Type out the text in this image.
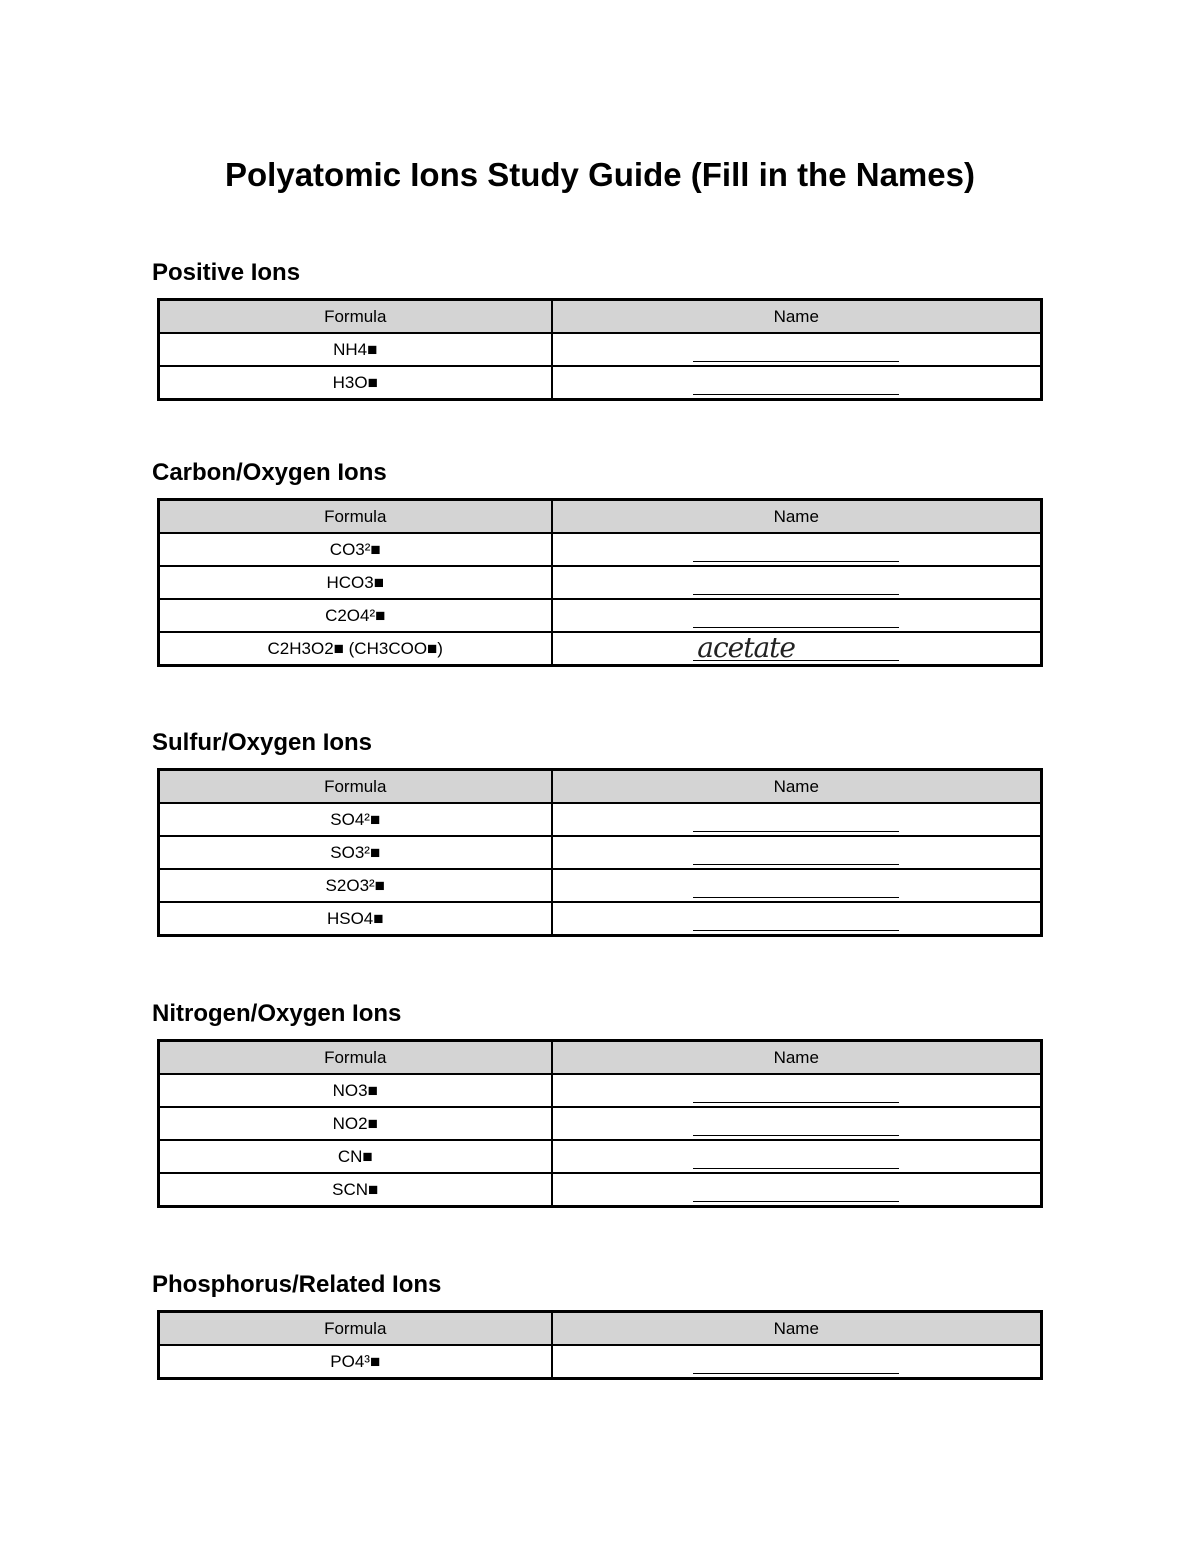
Polyatomic Ions Study Guide (Fill in the Names)
Positive Ions
Formula	Name
NH4■	

H3O■	
Carbon/Oxygen Ions
Formula	Name
CO3²■	

HCO3■	

C2O4²■	

C2H3O2■ (CH3COO■)	acetate
Sulfur/Oxygen Ions
Formula	Name
SO4²■	

SO3²■	

S2O3²■	

HSO4■	
Nitrogen/Oxygen Ions
Formula	Name
NO3■	

NO2■	

CN■	

SCN■	
Phosphorus/Related Ions
Formula	Name
PO4³■	
